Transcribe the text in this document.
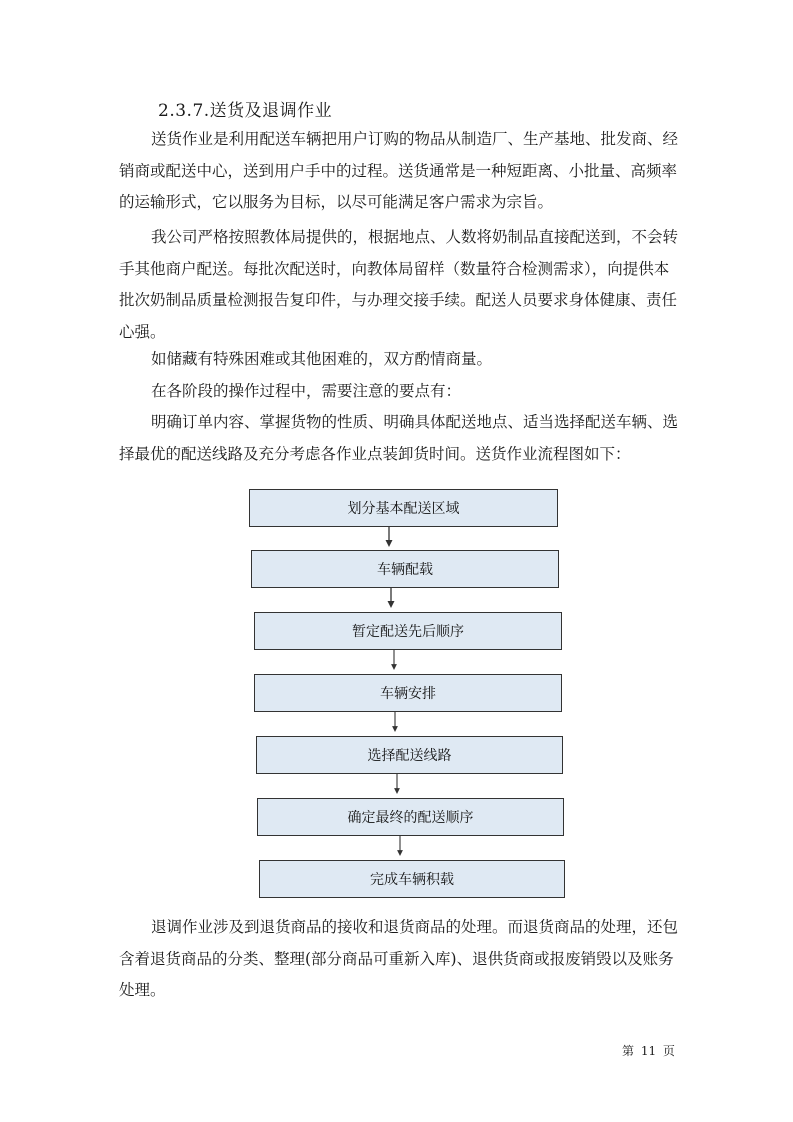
2.3.7.送货及退调作业

送货作业是利用配送车辆把用户订购的物品从制造厂、生产基地、批发商、经销商或配送中心，送到用户手中的过程。送货通常是一种短距离、小批量、高频率的运输形式，它以服务为目标，以尽可能满足客户需求为宗旨。

我公司严格按照教体局提供的，根据地点、人数将奶制品直接配送到，不会转手其他商户配送。每批次配送时，向教体局留样（数量符合检测需求），向提供本批次奶制品质量检测报告复印件，与办理交接手续。配送人员要求身体健康、责任心强。

如储藏有特殊困难或其他困难的，双方酌情商量。

在各阶段的操作过程中，需要注意的要点有：

明确订单内容、掌握货物的性质、明确具体配送地点、适当选择配送车辆、选择最优的配送线路及充分考虑各作业点装卸货时间。送货作业流程图如下：

划分基本配送区域
车辆配载
暂定配送先后顺序
车辆安排
选择配送线路
确定最终的配送顺序
完成车辆积载

退调作业涉及到退货商品的接收和退货商品的处理。而退货商品的处理，还包含着退货商品的分类、整理(部分商品可重新入库)、退供货商或报废销毁以及账务处理。

第 11 页
